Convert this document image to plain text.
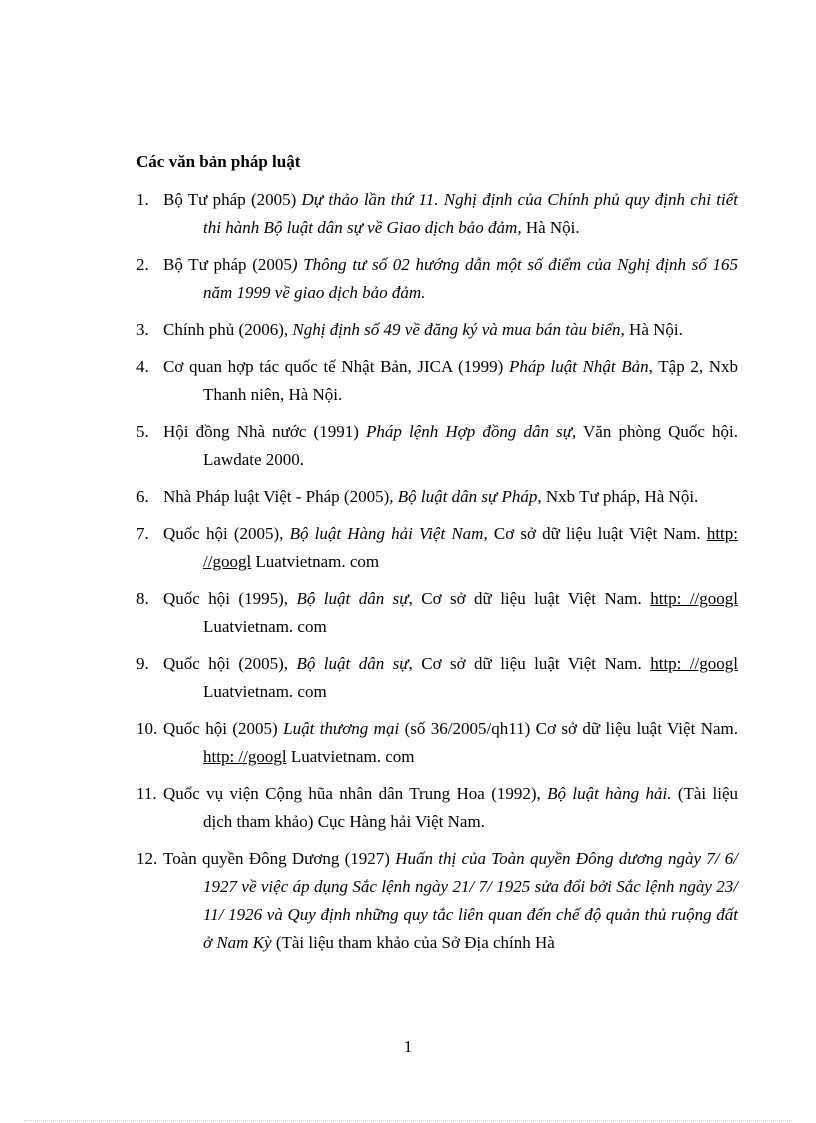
Các văn bản pháp luật

1. Bộ Tư pháp (2005) Dự thảo lần thứ 11. Nghị định của Chính phủ quy định chi tiết thi hành Bộ luật dân sự về Giao dịch bảo đảm, Hà Nội.
2. Bộ Tư pháp (2005) Thông tư số 02 hướng dẫn một số điểm của Nghị định số 165 năm 1999 về giao dịch bảo đảm.
3. Chính phủ (2006), Nghị định số 49 về đăng ký và mua bán tàu biển, Hà Nội.
4. Cơ quan hợp tác quốc tế Nhật Bản, JICA (1999) Pháp luật Nhật Bản, Tập 2, Nxb Thanh niên, Hà Nội.
5. Hội đồng Nhà nước (1991) Pháp lệnh Hợp đồng dân sự, Văn phòng Quốc hội. Lawdate 2000.
6. Nhà Pháp luật Việt - Pháp (2005), Bộ luật dân sự Pháp, Nxb Tư pháp, Hà Nội.
7. Quốc hội (2005), Bộ luật Hàng hải Việt Nam, Cơ sở dữ liệu luật Việt Nam. http: //googl Luatvietnam. com
8. Quốc hội (1995), Bộ luật dân sự, Cơ sở dữ liệu luật Việt Nam. http: //googl Luatvietnam. com
9. Quốc hội (2005), Bộ luật dân sự, Cơ sở dữ liệu luật Việt Nam. http: //googl Luatvietnam. com
10. Quốc hội (2005) Luật thương mại (số 36/2005/qh11) Cơ sở dữ liệu luật Việt Nam. http: //googl Luatvietnam. com
11. Quốc vụ viện Cộng hũa nhân dân Trung Hoa (1992), Bộ luật hàng hải. (Tài liệu dịch tham khảo) Cục Hàng hải Việt Nam.
12. Toàn quyền Đông Dương (1927) Huấn thị của Toàn quyền Đông dương ngày 7/ 6/ 1927 về việc áp dụng Sắc lệnh ngày 21/ 7/ 1925 sửa đổi bởi Sắc lệnh ngày 23/ 11/ 1926 và Quy định những quy tắc liên quan đến chế độ quản thủ ruộng đất ở Nam Kỳ (Tài liệu tham khảo của Sở Địa chính Hà
1
